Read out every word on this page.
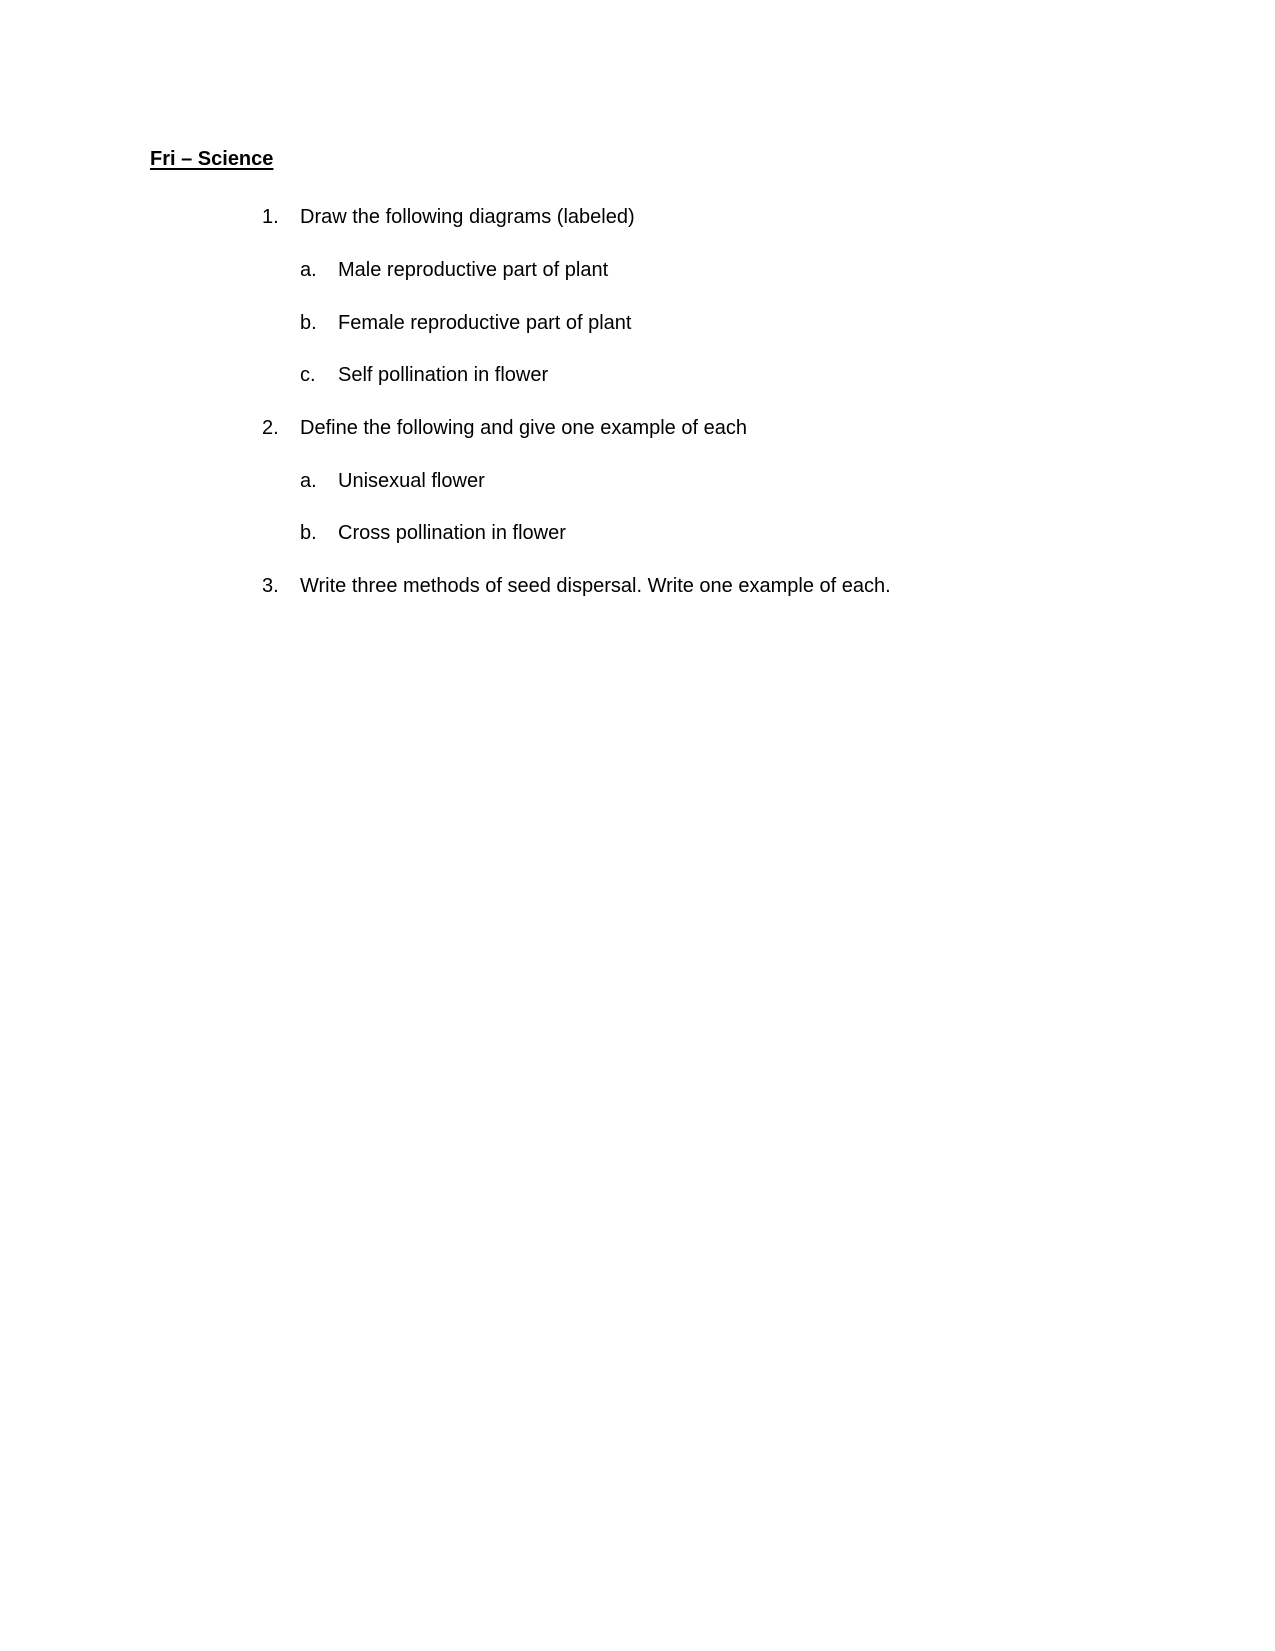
Fri – Science
1. Draw the following diagrams (labeled)
a. Male reproductive part of plant
b. Female reproductive part of plant
c. Self pollination in flower
2. Define the following and give one example of each
a. Unisexual flower
b. Cross pollination in flower
3. Write three methods of seed dispersal. Write one example of each.
